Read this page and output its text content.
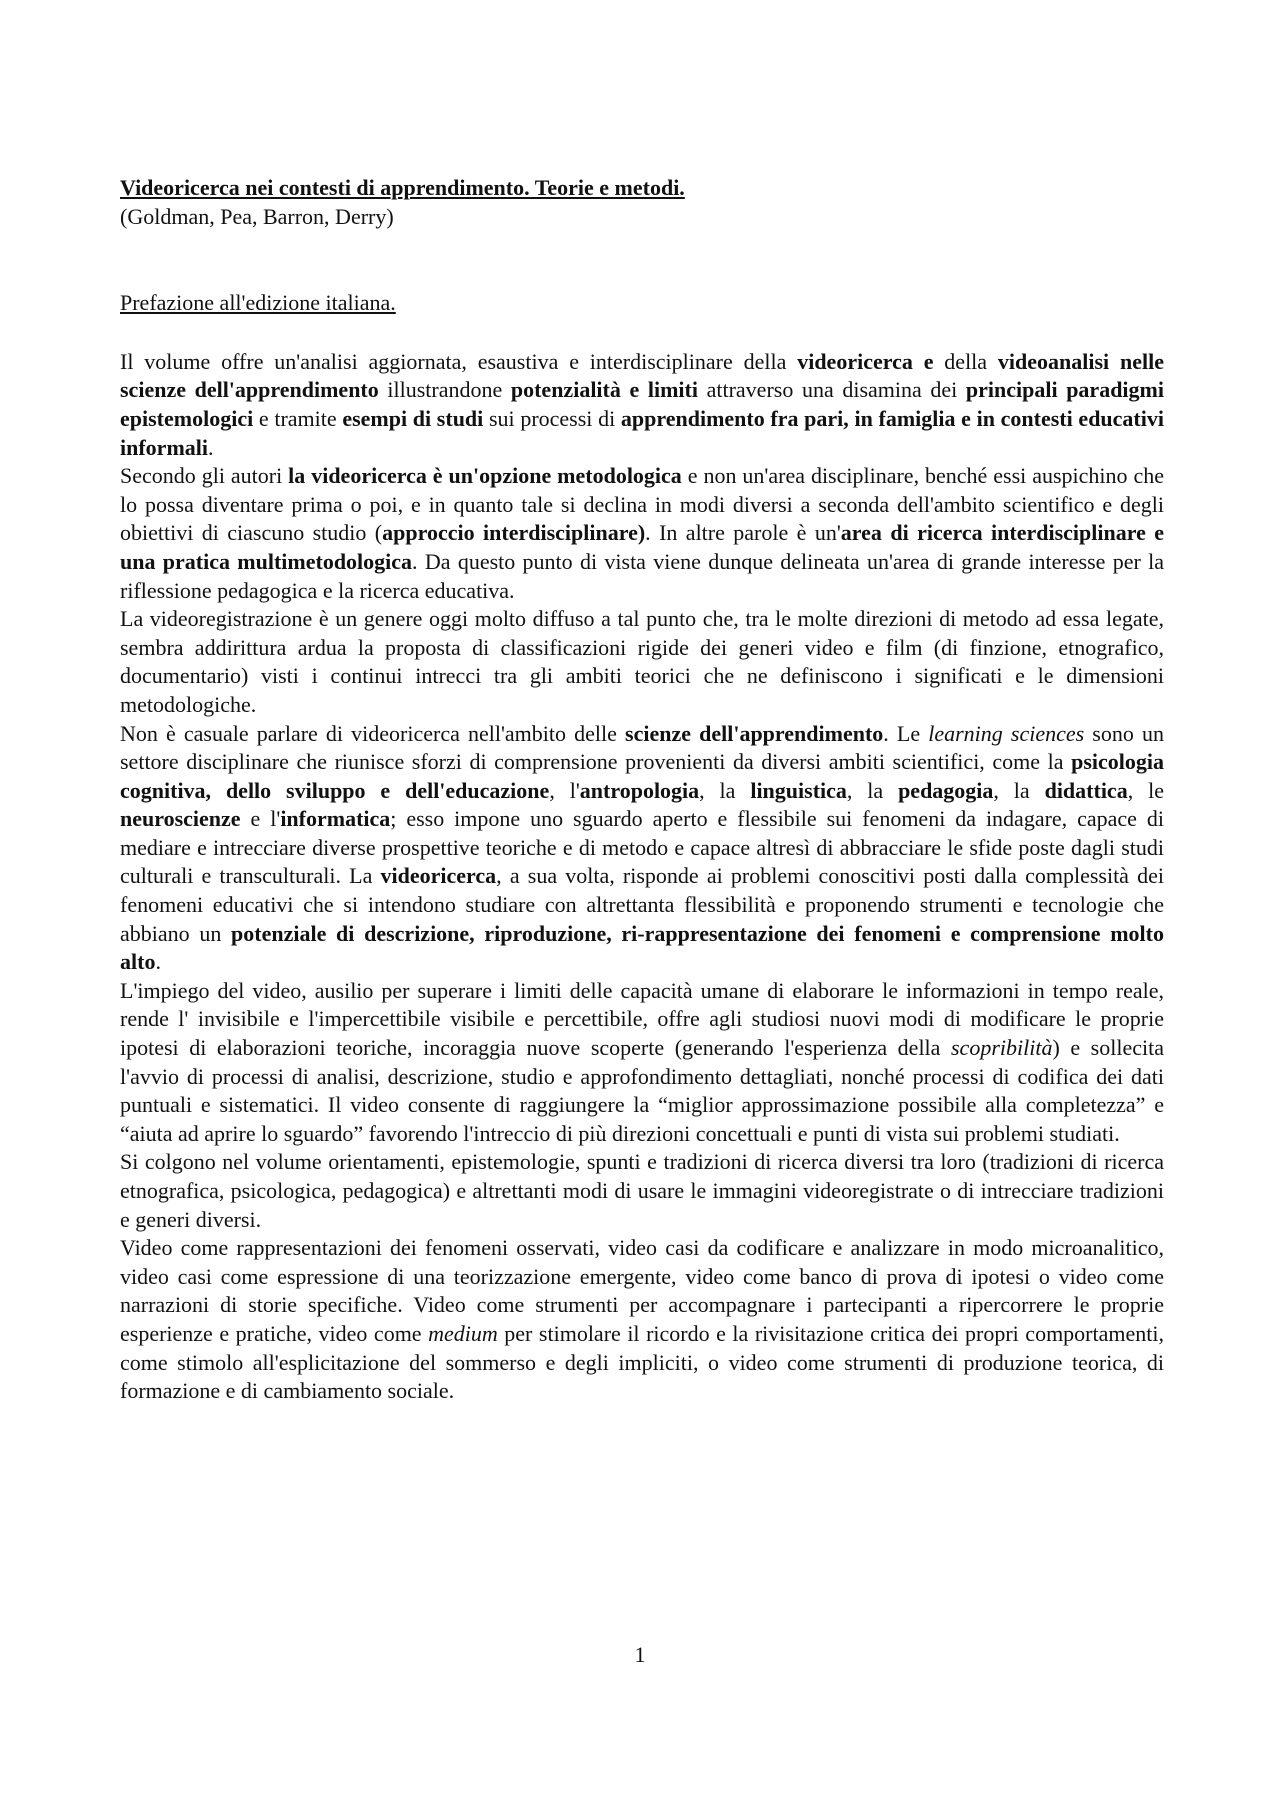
Videoricerca nei contesti di apprendimento. Teorie e metodi.

(Goldman, Pea, Barron, Derry)

Prefazione all'edizione italiana.

Il volume offre un'analisi aggiornata, esaustiva e interdisciplinare della videoricerca e della videoanalisi nelle scienze dell'apprendimento illustrandone potenzialità e limiti attraverso una disamina dei principali paradigmi epistemologici e tramite esempi di studi sui processi di apprendimento fra pari, in famiglia e in contesti educativi informali.

Secondo gli autori la videoricerca è un'opzione metodologica e non un'area disciplinare, benché essi auspichino che lo possa diventare prima o poi, e in quanto tale si declina in modi diversi a seconda dell'ambito scientifico e degli obiettivi di ciascuno studio (approccio interdisciplinare). In altre parole è un'area di ricerca interdisciplinare e una pratica multimetodologica. Da questo punto di vista viene dunque delineata un'area di grande interesse per la riflessione pedagogica e la ricerca educativa.

La videoregistrazione è un genere oggi molto diffuso a tal punto che, tra le molte direzioni di metodo ad essa legate, sembra addirittura ardua la proposta di classificazioni rigide dei generi video e film (di finzione, etnografico, documentario) visti i continui intrecci tra gli ambiti teorici che ne definiscono i significati e le dimensioni metodologiche.

Non è casuale parlare di videoricerca nell'ambito delle scienze dell'apprendimento. Le learning sciences sono un settore disciplinare che riunisce sforzi di comprensione provenienti da diversi ambiti scientifici, come la psicologia cognitiva, dello sviluppo e dell'educazione, l'antropologia, la linguistica, la pedagogia, la didattica, le neuroscienze e l'informatica; esso impone uno sguardo aperto e flessibile sui fenomeni da indagare, capace di mediare e intrecciare diverse prospettive teoriche e di metodo e capace altresì di abbracciare le sfide poste dagli studi culturali e transculturali. La videoricerca, a sua volta, risponde ai problemi conoscitivi posti dalla complessità dei fenomeni educativi che si intendono studiare con altrettanta flessibilità e proponendo strumenti e tecnologie che abbiano un potenziale di descrizione, riproduzione, ri-rappresentazione dei fenomeni e comprensione molto alto.

L'impiego del video, ausilio per superare i limiti delle capacità umane di elaborare le informazioni in tempo reale, rende l' invisibile e l'impercettibile visibile e percettibile, offre agli studiosi nuovi modi di modificare le proprie ipotesi di elaborazioni teoriche, incoraggia nuove scoperte (generando l'esperienza della scopribilità) e sollecita l'avvio di processi di analisi, descrizione, studio e approfondimento dettagliati, nonché processi di codifica dei dati puntuali e sistematici. Il video consente di raggiungere la “miglior approssimazione possibile alla completezza” e “aiuta ad aprire lo sguardo” favorendo l'intreccio di più direzioni concettuali e punti di vista sui problemi studiati.

Si colgono nel volume orientamenti, epistemologie, spunti e tradizioni di ricerca diversi tra loro (tradizioni di ricerca etnografica, psicologica, pedagogica) e altrettanti modi di usare le immagini videoregistrate o di intrecciare tradizioni e generi diversi.

Video come rappresentazioni dei fenomeni osservati, video casi da codificare e analizzare in modo microanalitico, video casi come espressione di una teorizzazione emergente, video come banco di prova di ipotesi o video come narrazioni di storie specifiche. Video come strumenti per accompagnare i partecipanti a ripercorrere le proprie esperienze e pratiche, video come medium per stimolare il ricordo e la rivisitazione critica dei propri comportamenti, come stimolo all'esplicitazione del sommerso e degli impliciti, o video come strumenti di produzione teorica, di formazione e di cambiamento sociale.

1
